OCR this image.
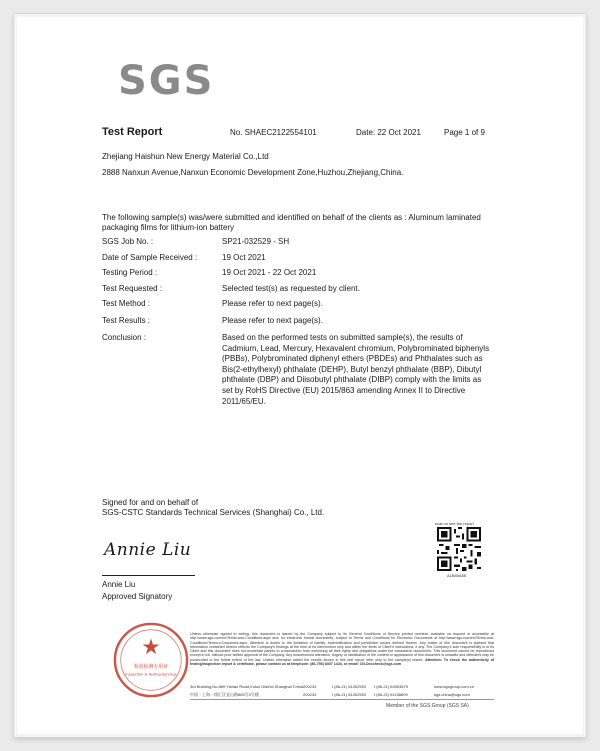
SGS
Test Report	No. SHAEC2122554101	Date: 22 Oct 2021	Page 1 of 9
Zhejiang Haishun New Energy Material Co.,Ltd
2888 Nanxun Avenue,Nanxun Economic Development Zone,Huzhou,Zhejiang,China.
The following sample(s) was/were submitted and identified on behalf of the clients as : Aluminum laminated packaging films for lithium-ion battery
SGS Job No. :	SP21-032529 - SH
Date of Sample Received :	19 Oct 2021
Testing Period :	19 Oct 2021 - 22 Oct 2021
Test Requested :	Selected test(s) as requested by client.
Test Method :	Please refer to next page(s).
Test Results :	Please refer to next page(s).
Conclusion :	Based on the performed tests on submitted sample(s), the results of Cadmium, Lead, Mercury, Hexavalent chromium, Polybrominated biphenyls (PBBs), Polybrominated diphenyl ethers (PBDEs) and Phthalates such as Bis(2-ethylhexyl) phthalate (DEHP), Butyl benzyl phthalate (BBP), Dibutyl phthalate (DBP) and Diisobutyl phthalate (DIBP) comply with the limits as set by RoHS Directive (EU) 2015/863 amending Annex II to Directive 2011/65/EU.
Signed for and on behalf of
SGS-CSTC Standards Technical Services (Shanghai) Co., Ltd.
Annie Liu
Annie Liu
Approved Signatory
scan to see the report
A1B80A5E
★
检验检测专用章
Inspection & Testing Services
Unless otherwise agreed in writing, this document is issued by the Company subject to its General Conditions of Service printed overleaf, available on request or accessible at http://www.sgs.com/en/Terms-and-Conditions.aspx and, for electronic format documents, subject to Terms and Conditions for Electronic Documents at http://www.sgs.com/en/Terms-and-Conditions/Terms-e-Document.aspx. Attention is drawn to the limitation of liability, indemnification and jurisdiction issues defined therein. Any holder of this document is advised that information contained hereon reflects the Company's findings at the time of its intervention only and within the limits of Client's instructions, if any. The Company's sole responsibility is to its Client and this document does not exonerate parties to a transaction from exercising all their rights and obligations under the transaction documents. This document cannot be reproduced except in full, without prior written approval of the Company. Any unauthorized alteration, forgery or falsification of the content or appearance of this document is unlawful and offenders may be prosecuted to the fullest extent of the law. Unless otherwise stated the results shown in this test report refer only to the sample(s) tested. Attention: To check the authenticity of testing/inspection report & certificate, please contact us at telephone: (86-755) 8307 1443, or email: CN.Doccheck@sgs.com
3rd Building,No.889 Yishan Road,Xuhui District,Shanghai China 200233	t (86-21) 61402553 f (86-21) 64953679	www.sgsgroup.com.cn
中国・上海・徐汇区宜山路889号3号楼	200233	t (86-21) 61402553 f (86-21) 61156899	sgs.china@sgs.com
Member of the SGS Group (SGS SA)
